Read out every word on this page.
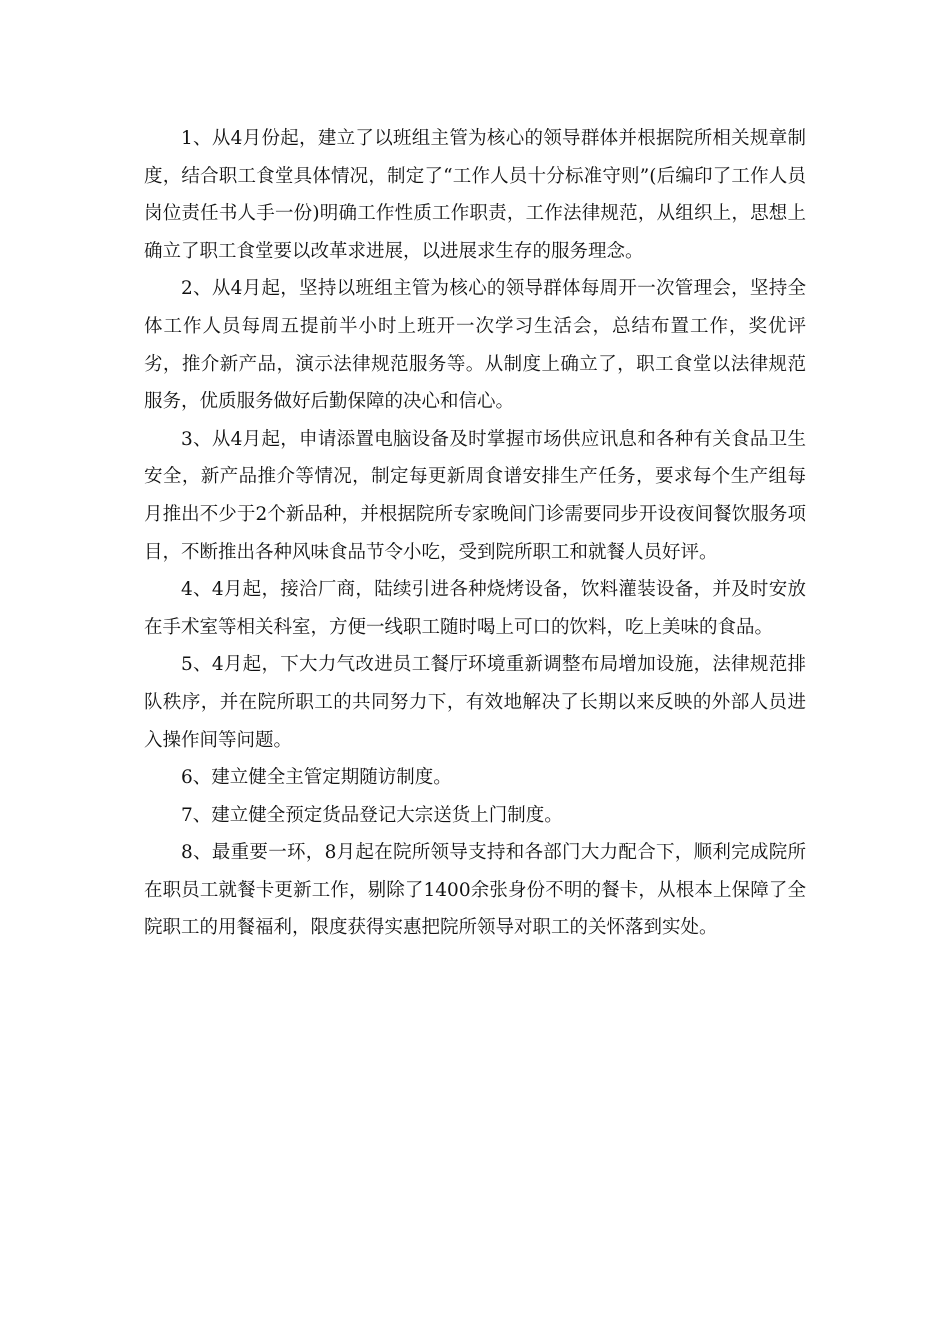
1、从4月份起，建立了以班组主管为核心的领导群体并根据院所相关规章制度，结合职工食堂具体情况，制定了“工作人员十分标准守则”(后编印了工作人员岗位责任书人手一份)明确工作性质工作职责，工作法律规范，从组织上，思想上确立了职工食堂要以改革求进展，以进展求生存的服务理念。

2、从4月起，坚持以班组主管为核心的领导群体每周开一次管理会，坚持全体工作人员每周五提前半小时上班开一次学习生活会，总结布置工作，奖优评劣，推介新产品，演示法律规范服务等。从制度上确立了，职工食堂以法律规范服务，优质服务做好后勤保障的决心和信心。

3、从4月起，申请添置电脑设备及时掌握市场供应讯息和各种有关食品卫生安全，新产品推介等情况，制定每更新周食谱安排生产任务，要求每个生产组每月推出不少于2个新品种，并根据院所专家晚间门诊需要同步开设夜间餐饮服务项目，不断推出各种风味食品节令小吃，受到院所职工和就餐人员好评。

4、4月起，接洽厂商，陆续引进各种烧烤设备，饮料灌装设备，并及时安放在手术室等相关科室，方便一线职工随时喝上可口的饮料，吃上美味的食品。

5、4月起，下大力气改进员工餐厅环境重新调整布局增加设施，法律规范排队秩序，并在院所职工的共同努力下，有效地解决了长期以来反映的外部人员进入操作间等问题。

6、建立健全主管定期随访制度。

7、建立健全预定货品登记大宗送货上门制度。

8、最重要一环，8月起在院所领导支持和各部门大力配合下，顺利完成院所在职员工就餐卡更新工作，剔除了1400余张身份不明的餐卡，从根本上保障了全院职工的用餐福利，限度获得实惠把院所领导对职工的关怀落到实处。
